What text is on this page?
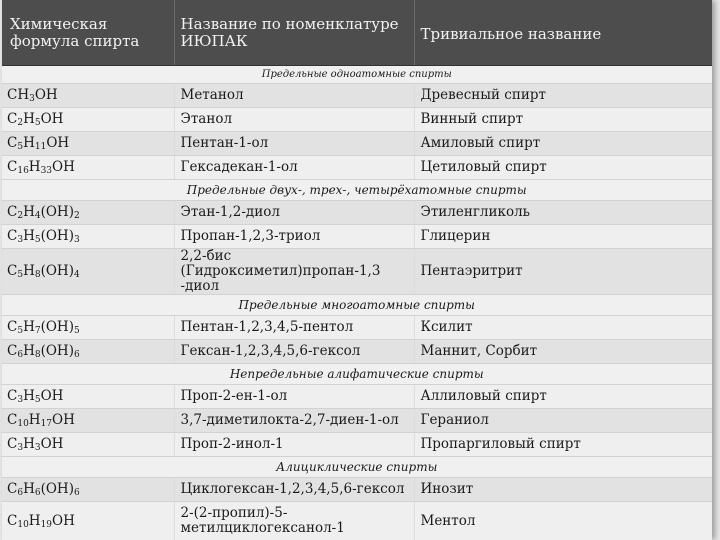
Химическая формула спирта	Название по номенклатуре ИЮПАК	Тривиальное название
Предельные одноатомные спирты		
$CH_3OH$	Метанол	Древесный спирт
$C_2H_5OH$	Этанол	Винный спирт
$C_5H_{11}OH$	Пентан-1-ол	Амиловый спирт
$C_{16}H_{33}OH$	Гексадекан-1-ол	Цетиловый спирт
Предельные двух-, трех-, четырёхатомные спирты		
$C_2H_4(OH)_2$	Этан-1,2-диол	Этиленгликоль
$C_3H_5(OH)_3$	Пропан-1,2,3-триол	Глицерин
$C_5H_8(OH)_4$	2,2-бис (Гидроксиметил)пропан-1,3 -диол	Пентаэритрит
Предельные многоатомные спирты		
$C_5H_7(OH)_5$	Пентан-1,2,3,4,5-пентол	Ксилит
$C_6H_8(OH)_6$	Гексан-1,2,3,4,5,6-гексол	Маннит, Сорбит
Непредельные алифатические спирты		
$C_3H_5OH$	Проп-2-ен-1-ол	Аллиловый спирт
$C_{10}H_{17}OH$	3,7-диметилокта-2,7-диен-1-ол	Гераниол
$C_3H_3OH$	Проп-2-инол-1	Пропаргиловый спирт
Алициклические спирты		
$C_6H_6(OH)_6$	Циклогексан-1,2,3,4,5,6-гексол	Инозит
$C_{10}H_{19}OH$	2-(2-пропил)-5-метилциклогексанол-1	Ментол
